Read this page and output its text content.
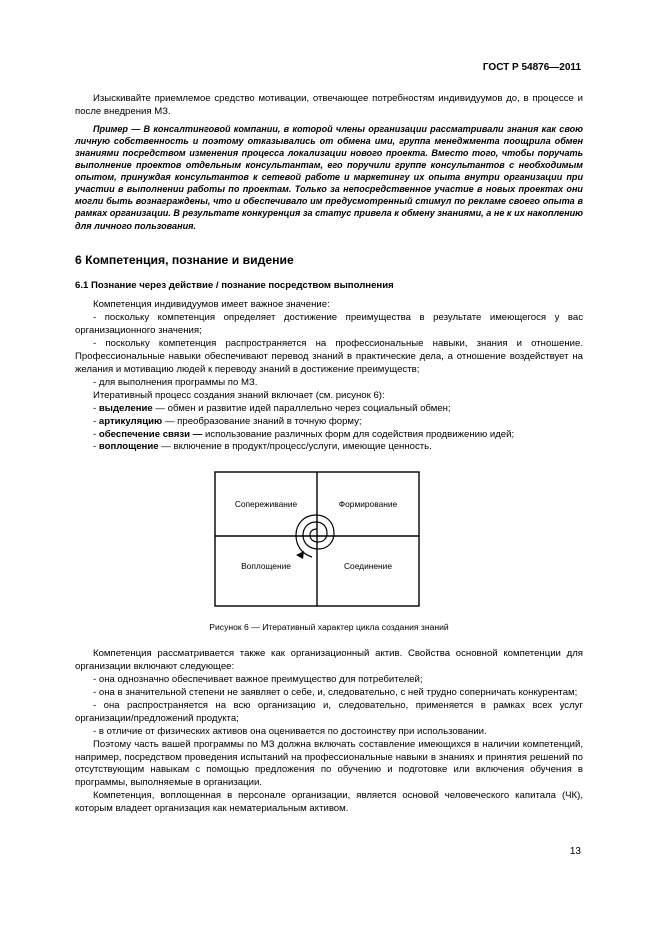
ГОСТ Р 54876—2011

Изыскивайте приемлемое средство мотивации, отвечающее потребностям индивидуумов до, в процессе и после внедрения МЗ.

Пример — В консалтинговой компании, в которой члены организации рассматривали знания как свою личную собственность и поэтому отказывались от обмена ими, группа менеджмента поощрила обмен знаниями посредством изменения процесса локализации нового проекта. Вместо того, чтобы поручать выполнение проектов отдельным консультантам, его поручили группе консультантов с необходимым опытом, принуждая консультантов к сетевой работе и маркетингу их опыта внутри организации при участии в выполнении работы по проектам. Только за непосредственное участие в новых проектах они могли быть вознаграждены, что и обеспечивало им предусмотренный стимул по рекламе своего опыта в рамках организации. В результате конкуренция за статус привела к обмену знаниями, а не к их накоплению для личного пользования.

6 Компетенция, познание и видение
6.1 Познание через действие / познание посредством выполнения

Компетенция индивидуумов имеет важное значение:

- поскольку компетенция определяет достижение преимущества в результате имеющегося у вас организационного значения;

- поскольку компетенция распространяется на профессиональные навыки, знания и отношение. Профессиональные навыки обеспечивают перевод знаний в практические дела, а отношение воздействует на желания и мотивацию людей к переводу знаний в достижение преимуществ;

- для выполнения программы по МЗ.

Итеративный процесс создания знаний включает (см. рисунок 6):

- выделение — обмен и развитие идей параллельно через социальный обмен;

- артикуляцию — преобразование знаний в точную форму;

- обеспечение связи — использование различных форм для содействия продвижению идей;

- воплощение — включение в продукт/процесс/услуги, имеющие ценность.

Сопереживание	Формирование
Воплощение	Соединение
Рисунок 6 — Итеративный характер цикла создания знаний

Компетенция рассматривается также как организационный актив. Свойства основной компетенции для организации включают следующее:

- она однозначно обеспечивает важное преимущество для потребителей;

- она в значительной степени не заявляет о себе, и, следовательно, с ней трудно соперничать конкурентам;

- она распространяется на всю организацию и, следовательно, применяется в рамках всех услуг организации/предложений продукта;

- в отличие от физических активов она оценивается по достоинству при использовании.

Поэтому часть вашей программы по МЗ должна включать составление имеющихся в наличии компетенций, например, посредством проведения испытаний на профессиональные навыки в знаниях и принятия решений по отсутствующим навыкам с помощью предложения по обучению и подготовке или включения обучения в программы, выполняемые в организации.

Компетенция, воплощенная в персонале организации, является основой человеческого капитала (ЧК), которым владеет организация как нематериальным активом.

13
